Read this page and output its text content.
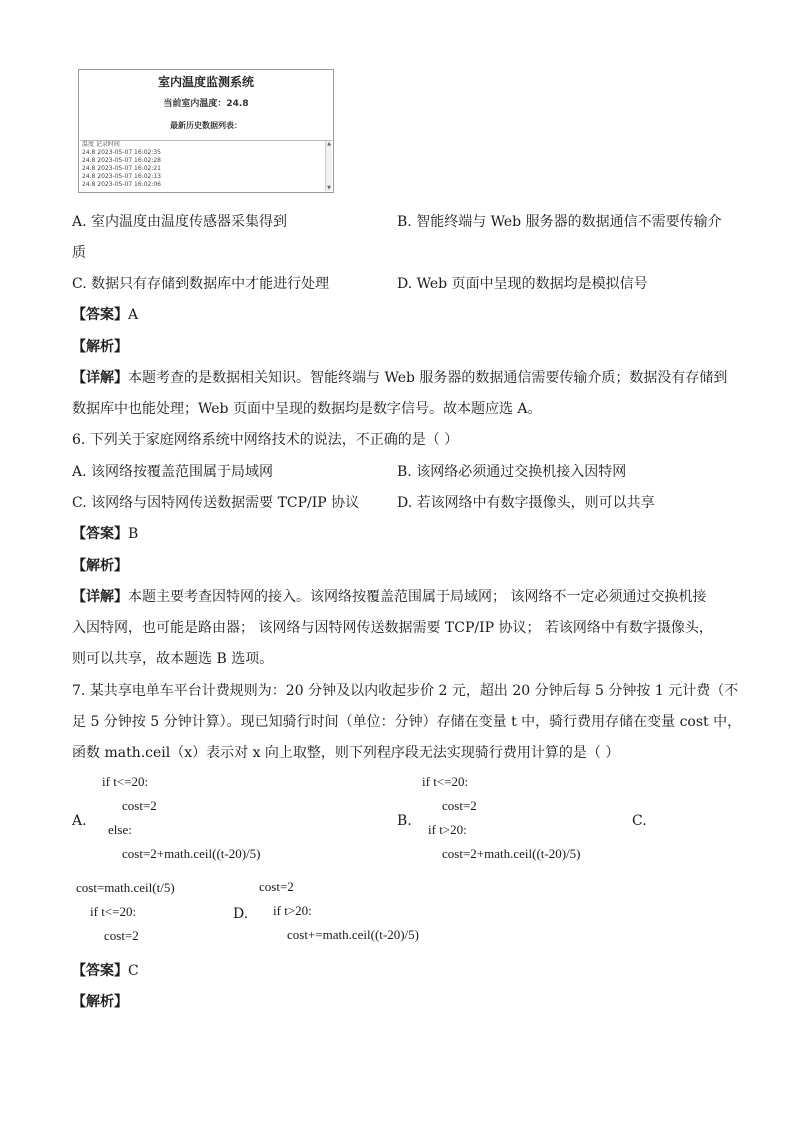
室内温度监测系统
当前室内温度：24.8
最新历史数据列表：
温度 记录时间
24.8 2023-05-07 16:02:35
24.8 2023-05-07 16:02:28
24.8 2023-05-07 16:02:21
24.8 2023-05-07 16:02:13
24.8 2023-05-07 16:02:06
▲
▼
A. 室内温度由温度传感器采集得到	B. 智能终端与 Web 服务器的数据通信不需要传输介
质
C. 数据只有存储到数据库中才能进行处理	D. Web 页面中呈现的数据均是模拟信号
【答案】A
【解析】
【详解】本题考查的是数据相关知识。智能终端与 Web 服务器的数据通信需要传输介质；数据没有存储到
数据库中也能处理；Web 页面中呈现的数据均是数字信号。故本题应选 A。
6. 下列关于家庭网络系统中网络技术的说法，不正确的是（ ）
A. 该网络按覆盖范围属于局域网	B. 该网络必须通过交换机接入因特网
C. 该网络与因特网传送数据需要 TCP/IP 协议	D. 若该网络中有数字摄像头，则可以共享
【答案】B
【解析】
【详解】本题主要考查因特网的接入。该网络按覆盖范围属于局域网； 该网络不一定必须通过交换机接
入因特网，也可能是路由器； 该网络与因特网传送数据需要 TCP/IP 协议； 若该网络中有数字摄像头，
则可以共享，故本题选 B 选项。
7. 某共享电单车平台计费规则为：20 分钟及以内收起步价 2 元，超出 20 分钟后每 5 分钟按 1 元计费（不
足 5 分钟按 5 分钟计算）。现已知骑行时间（单位：分钟）存储在变量 t 中，骑行费用存储在变量 cost 中，
函数 math.ceil（x）表示对 x 向上取整，则下列程序段无法实现骑行费用计算的是（ ）
A.
if t<=20:
cost=2
else:
cost=2+math.ceil((t-20)/5)
B.
if t<=20:
cost=2
if t>20:
cost=2+math.ceil((t-20)/5)
C.
cost=math.ceil(t/5)
if t<=20:
cost=2
D.
cost=2
if t>20:
cost+=math.ceil((t-20)/5)
【答案】C
【解析】
